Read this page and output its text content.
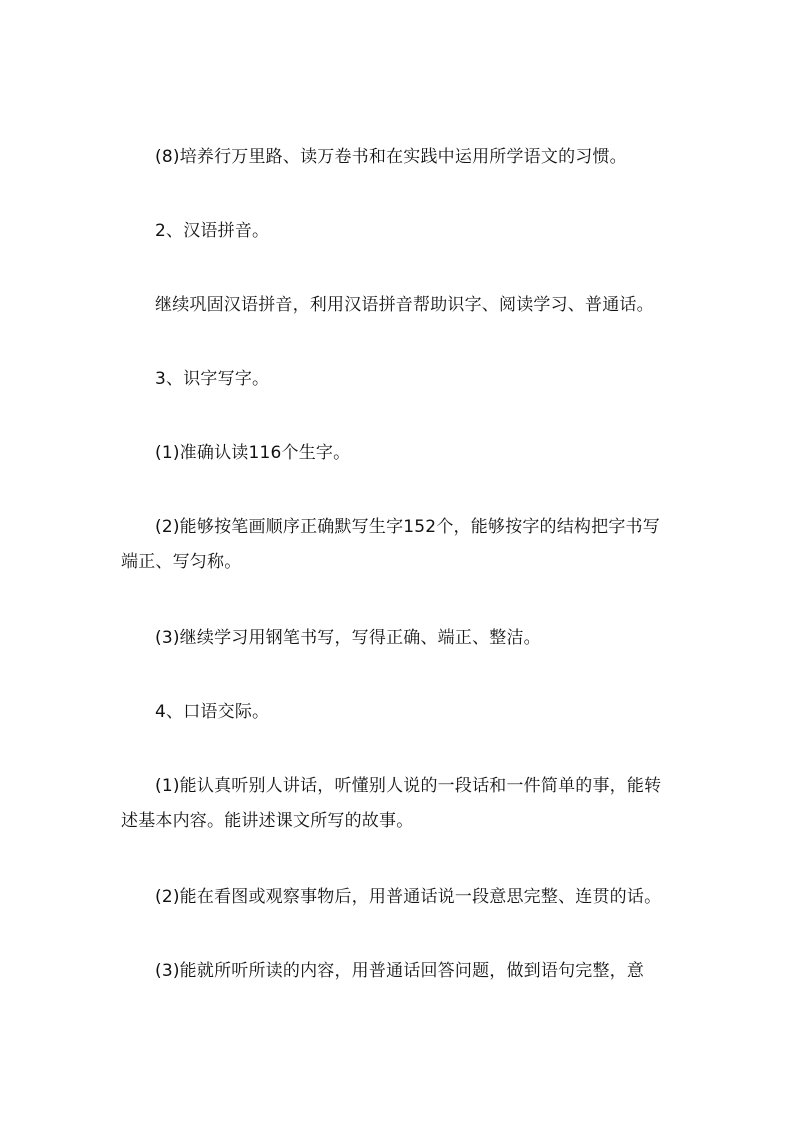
(8)培养行万里路、读万卷书和在实践中运用所学语文的习惯。

2、汉语拼音。

继续巩固汉语拼音，利用汉语拼音帮助识字、阅读学习、普通话。

3、识字写字。

(1)准确认读116个生字。

(2)能够按笔画顺序正确默写生字152个，能够按字的结构把字书写端正、写匀称。

(3)继续学习用钢笔书写，写得正确、端正、整洁。

4、口语交际。

(1)能认真听别人讲话，听懂别人说的一段话和一件简单的事，能转述基本内容。能讲述课文所写的故事。

(2)能在看图或观察事物后，用普通话说一段意思完整、连贯的话。

(3)能就所听所读的内容，用普通话回答问题，做到语句完整，意
